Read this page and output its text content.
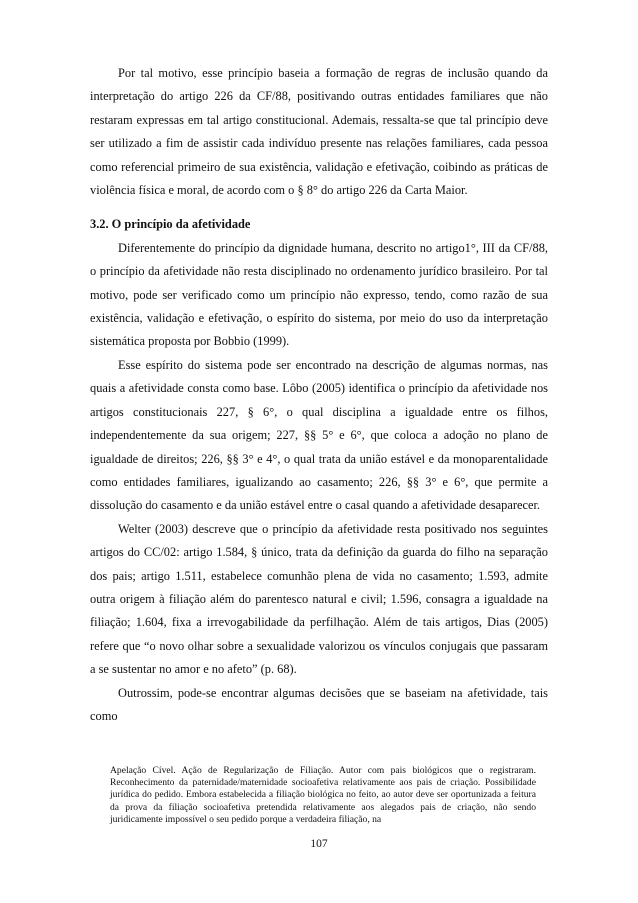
Por tal motivo, esse princípio baseia a formação de regras de inclusão quando da interpretação do artigo 226 da CF/88, positivando outras entidades familiares que não restaram expressas em tal artigo constitucional. Ademais, ressalta-se que tal princípio deve ser utilizado a fim de assistir cada indivíduo presente nas relações familiares, cada pessoa como referencial primeiro de sua existência, validação e efetivação, coibindo as práticas de violência física e moral, de acordo com o § 8° do artigo 226 da Carta Maior.

3.2. O princípio da afetividade

Diferentemente do princípio da dignidade humana, descrito no artigo1°, III da CF/88, o princípio da afetividade não resta disciplinado no ordenamento jurídico brasileiro. Por tal motivo, pode ser verificado como um princípio não expresso, tendo, como razão de sua existência, validação e efetivação, o espírito do sistema, por meio do uso da interpretação sistemática proposta por Bobbio (1999).

Esse espírito do sistema pode ser encontrado na descrição de algumas normas, nas quais a afetividade consta como base. Lôbo (2005) identifica o princípio da afetividade nos artigos constitucionais 227, § 6°, o qual disciplina a igualdade entre os filhos, independentemente da sua origem; 227, §§ 5° e 6°, que coloca a adoção no plano de igualdade de direitos; 226, §§ 3° e 4°, o qual trata da união estável e da monoparentalidade como entidades familiares, igualizando ao casamento; 226, §§ 3° e 6°, que permite a dissolução do casamento e da união estável entre o casal quando a afetividade desaparecer.

Welter (2003) descreve que o princípio da afetividade resta positivado nos seguintes artigos do CC/02: artigo 1.584, § único, trata da definição da guarda do filho na separação dos pais; artigo 1.511, estabelece comunhão plena de vida no casamento; 1.593, admite outra origem à filiação além do parentesco natural e civil; 1.596, consagra a igualdade na filiação; 1.604, fixa a irrevogabilidade da perfilhação. Além de tais artigos, Dias (2005) refere que “o novo olhar sobre a sexualidade valorizou os vínculos conjugais que passaram a se sustentar no amor e no afeto” (p. 68).

Outrossim, pode-se encontrar algumas decisões que se baseiam na afetividade, tais como

Apelação Cível. Ação de Regularização de Filiação. Autor com pais biológicos que o registraram. Reconhecimento da paternidade/maternidade socioafetiva relativamente aos pais de criação. Possibilidade jurídica do pedido. Embora estabelecida a filiação biológica no feito, ao autor deve ser oportunizada a feitura da prova da filiação socioafetiva pretendida relativamente aos alegados pais de criação, não sendo juridicamente impossível o seu pedido porque a verdadeira filiação, na

107
